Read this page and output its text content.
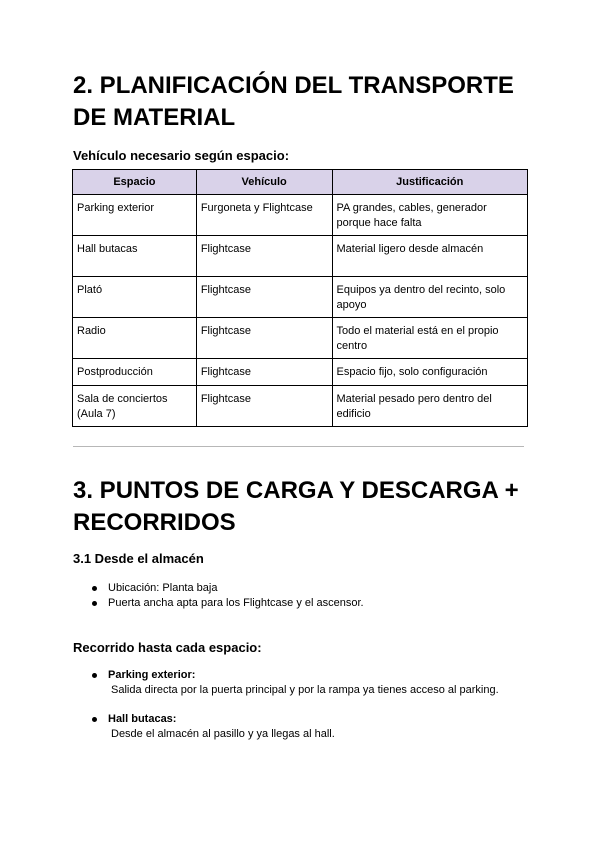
2. PLANIFICACIÓN DEL TRANSPORTE DE MATERIAL

Vehículo necesario según espacio:

Espacio	Vehículo	Justificación
Parking exterior	Furgoneta y Flightcase	PA grandes, cables, generador porque hace falta
Hall butacas	Flightcase	Material ligero desde almacén
Plató	Flightcase	Equipos ya dentro del recinto, solo apoyo
Radio	Flightcase	Todo el material está en el propio centro
Postproducción	Flightcase	Espacio fijo, solo configuración
Sala de conciertos (Aula 7)	Flightcase	Material pesado pero dentro del edificio
3. PUNTOS DE CARGA Y DESCARGA + RECORRIDOS

3.1 Desde el almacén

Ubicación: Planta baja
Puerta ancha apta para los Flightcase y el ascensor.

Recorrido hasta cada espacio:

Parking exterior:
Salida directa por la puerta principal y por la rampa ya tienes acceso al parking.
Hall butacas:
Desde el almacén al pasillo y ya llegas al hall.
